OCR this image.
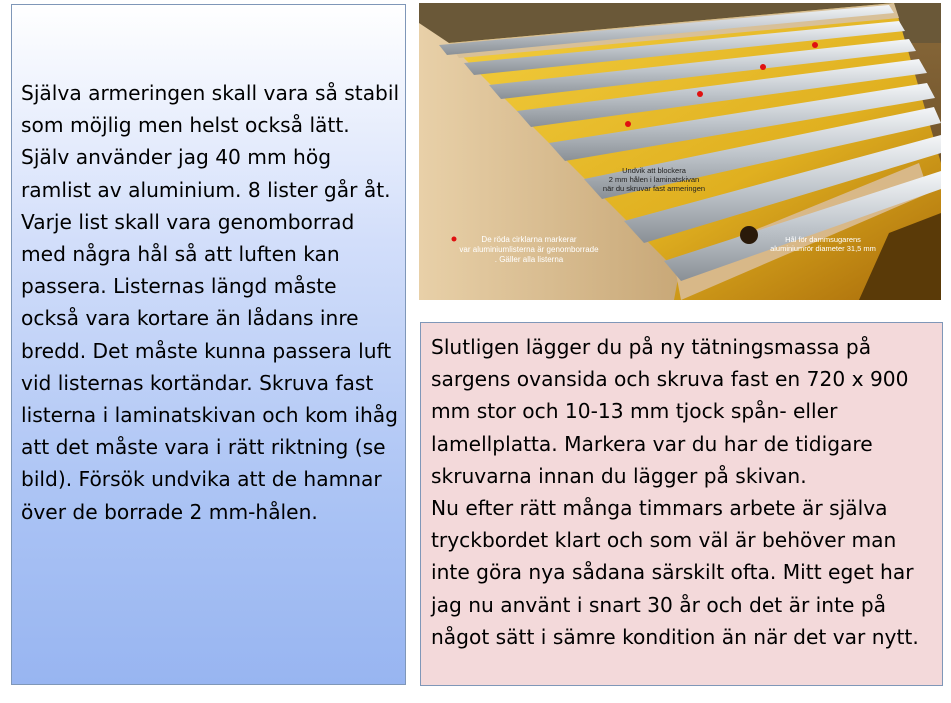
Själva armeringen skall vara så stabil som möjlig men helst också lätt. Själv använder jag 40 mm hög ramlist av aluminium. 8 lister går åt. Varje list skall vara genomborrad med några hål så att luften kan passera. Listernas längd måste också vara kortare än lådans inre bredd. Det måste kunna passera luft vid listernas kortändar. Skruva fast listerna i laminatskivan och kom ihåg att det måste vara i rätt riktning (se bild). Försök undvika att de hamnar över de borrade 2 mm-hålen.

Undvik att blockera 2 mm hålen i laminatskivan när du skruvar fast armeringen
De röda cirklarna markerar var aluminiumlisterna är genomborrade . Gäller alla listerna
Hål för dammsugarens aluminiumrör diameter 31,5 mm

Slutligen lägger du på ny tätningsmassa på sargens ovansida och skruva fast en 720 x 900 mm stor och 10-13 mm tjock spån- eller lamellplatta. Markera var du har de tidigare skruvarna innan du lägger på skivan.
Nu efter rätt många timmars arbete är själva tryckbordet klart och som väl är behöver man inte göra nya sådana särskilt ofta. Mitt eget har jag nu använt i snart 30 år och det är inte på något sätt i sämre kondition än när det var nytt.
